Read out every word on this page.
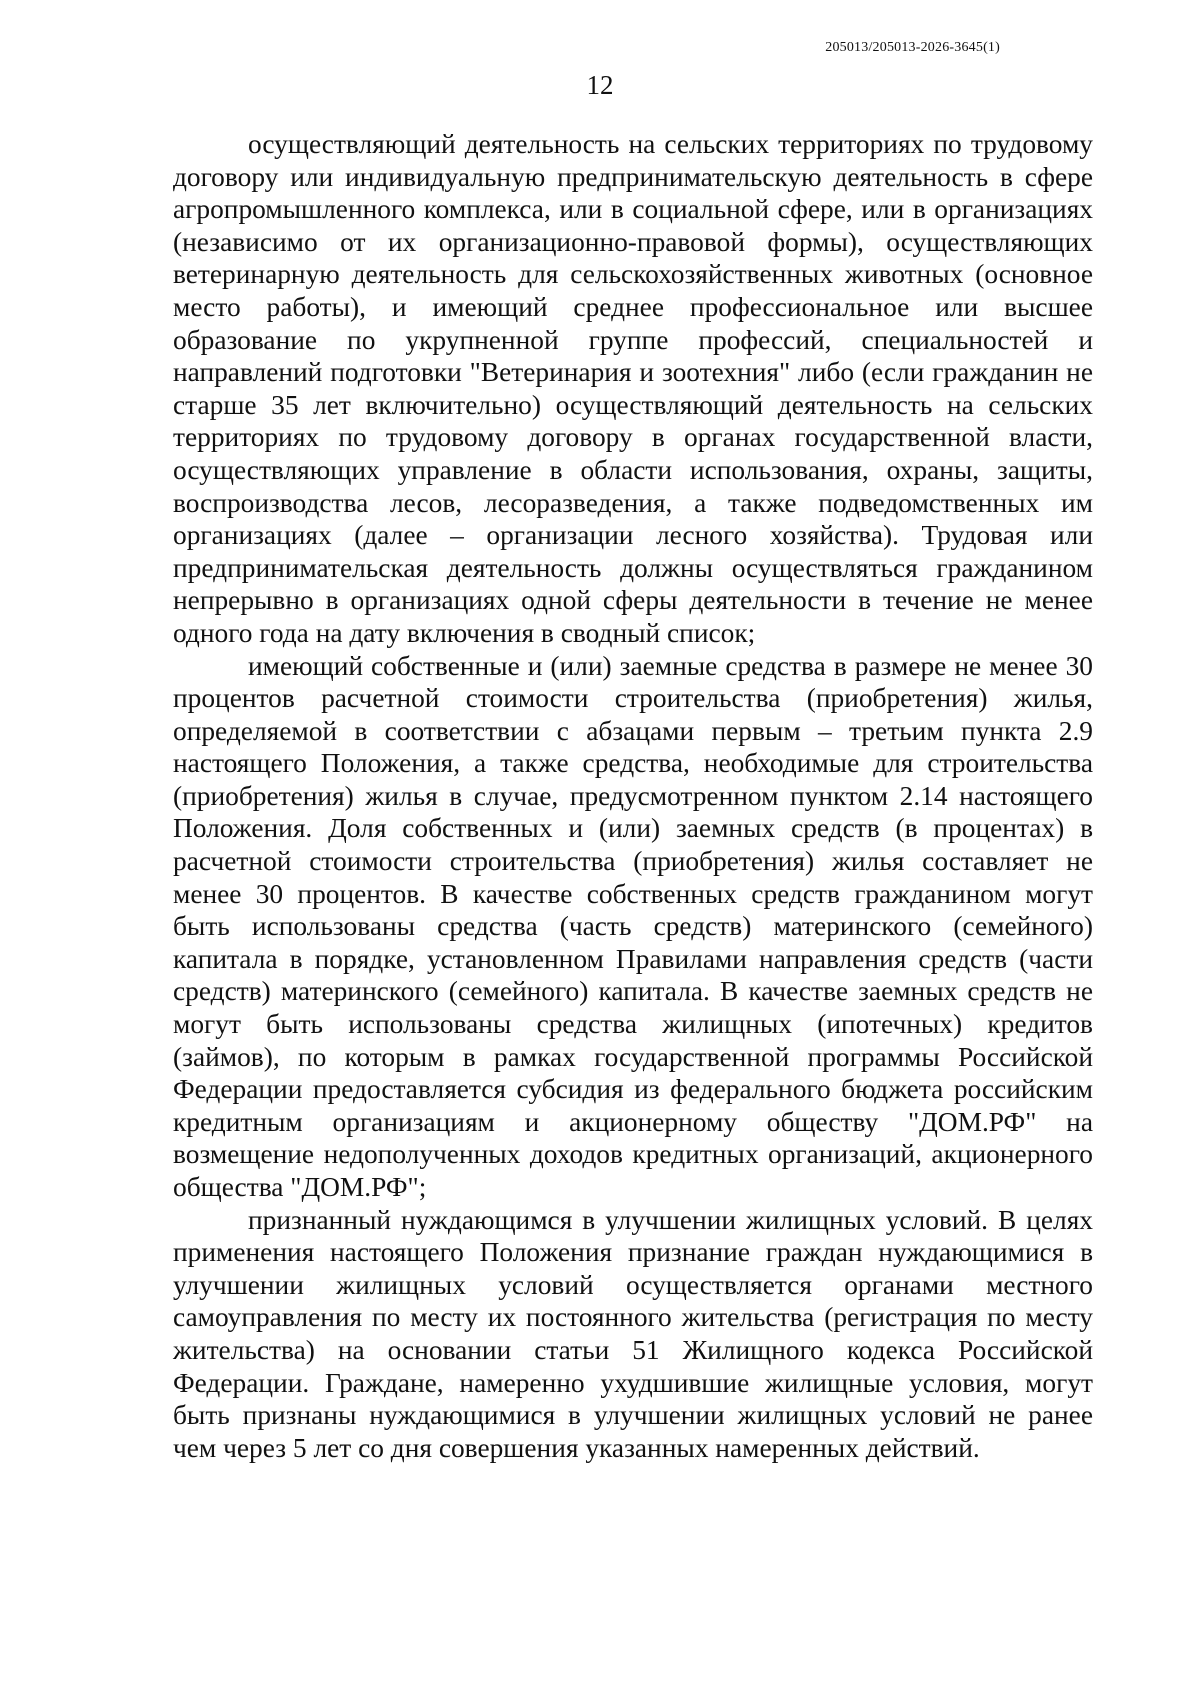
205013/205013-2026-3645(1)
12

осуществляющий деятельность на сельских территориях по трудовому договору или индивидуальную предпринимательскую деятельность в сфере агропромышленного комплекса, или в социальной сфере, или в организациях (независимо от их организационно-правовой формы), осуществляющих ветеринарную деятельность для сельскохозяйственных животных (основное место работы), и имеющий среднее профессиональное или высшее образование по укрупненной группе профессий, специальностей и направлений подготовки "Ветеринария и зоотехния" либо (если гражданин не старше 35 лет включительно) осуществляющий деятельность на сельских территориях по трудовому договору в органах государственной власти, осуществляющих управление в области использования, охраны, защиты, воспроизводства лесов, лесоразведения, а также подведомственных им организациях (далее – организации лесного хозяйства). Трудовая или предпринимательская деятельность должны осуществляться гражданином непрерывно в организациях одной сферы деятельности в течение не менее одного года на дату включения в сводный список;

имеющий собственные и (или) заемные средства в размере не менее 30 процентов расчетной стоимости строительства (приобретения) жилья, определяемой в соответствии с абзацами первым – третьим пункта 2.9 настоящего Положения, а также средства, необходимые для строительства (приобретения) жилья в случае, предусмотренном пунктом 2.14 настоящего Положения. Доля собственных и (или) заемных средств (в процентах) в расчетной стоимости строительства (приобретения) жилья составляет не менее 30 процентов. В качестве собственных средств гражданином могут быть использованы средства (часть средств) материнского (семейного) капитала в порядке, установленном Правилами направления средств (части средств) материнского (семейного) капитала. В качестве заемных средств не могут быть использованы средства жилищных (ипотечных) кредитов (займов), по которым в рамках государственной программы Российской Федерации предоставляется субсидия из федерального бюджета российским кредитным организациям и акционерному обществу "ДОМ.РФ" на возмещение недополученных доходов кредитных организаций, акционерного общества "ДОМ.РФ";

признанный нуждающимся в улучшении жилищных условий. В целях применения настоящего Положения признание граждан нуждающимися в улучшении жилищных условий осуществляется органами местного самоуправления по месту их постоянного жительства (регистрация по месту жительства) на основании статьи 51 Жилищного кодекса Российской Федерации. Граждане, намеренно ухудшившие жилищные условия, могут быть признаны нуждающимися в улучшении жилищных условий не ранее чем через 5 лет со дня совершения указанных намеренных действий.
